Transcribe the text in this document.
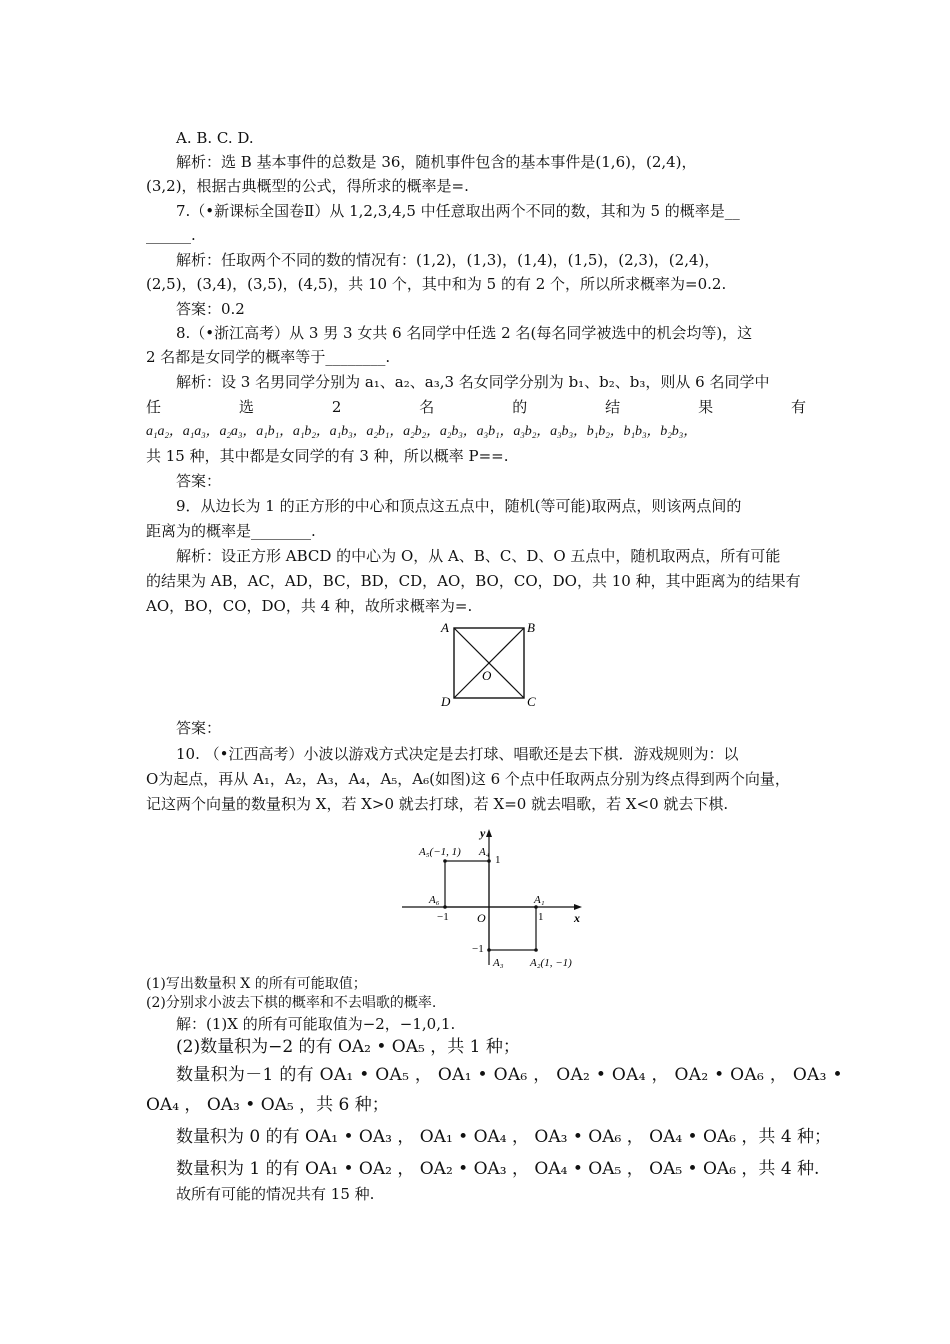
A. B. C. D.
解析：选 B 基本事件的总数是 36，随机事件包含的基本事件是(1,6)，(2,4)，
(3,2)，根据古典概型的公式，得所求的概率是=.
7.（•新课标全国卷Ⅱ）从 1,2,3,4,5 中任意取出两个不同的数，其和为 5 的概率是__
______.
解析：任取两个不同的数的情况有：(1,2)，(1,3)，(1,4)，(1,5)，(2,3)，(2,4)，
(2,5)，(3,4)，(3,5)，(4,5)，共 10 个，其中和为 5 的有 2 个，所以所求概率为=0.2.
答案：0.2
8.（•浙江高考）从 3 男 3 女共 6 名同学中任选 2 名(每名同学被选中的机会均等)，这
2 名都是女同学的概率等于________.
解析：设 3 名男同学分别为 a₁、a₂、a₃,3 名女同学分别为 b₁、b₂、b₃，则从 6 名同学中
任	选	2	名	的	结	果	有
a₁a₂，a₁a₃，a₂a₃，a₁b₁，a₁b₂，a₁b₃，a₂b₁，a₂b₂，a₂b₃，a₃b₁，a₃b₂，a₃b₃，b₁b₂，b₁b₃，b₂b₃，
共 15 种，其中都是女同学的有 3 种，所以概率 P==.
答案：
9．从边长为 1 的正方形的中心和顶点这五点中，随机(等可能)取两点，则该两点间的
距离为的概率是________.
解析：设正方形 ABCD 的中心为 O，从 A、B、C、D、O 五点中，随机取两点，所有可能
的结果为 AB，AC，AD，BC，BD，CD，AO，BO，CO，DO，共 10 种，其中距离为的结果有
AO，BO，CO，DO，共 4 种，故所求概率为=.
A	B
C
D
O
答案：
10. （•江西高考）小波以游戏方式决定是去打球、唱歌还是去下棋．游戏规则为：以
O为起点，再从 A₁，A₂，A₃，A₄，A₅，A₆(如图)这 6 个点中任取两点分别为终点得到两个向量，
记这两个向量的数量积为 X，若 X>0 就去打球，若 X=0 就去唱歌，若 X<0 就去下棋.
y
x
O
A₅(−1, 1) A₄
1
A₆	A₁
−1	1
−1
A₃ A₂(1, −1)
(1)写出数量积 X 的所有可能取值；
(2)分别求小波去下棋的概率和不去唱歌的概率.
解：(1)X 的所有可能取值为−2，−1,0,1.
(2)数量积为−2 的有 OA₂ • OA₅ ，共 1 种；
数量积为－1 的有 OA₁ • OA₅ ， OA₁ • OA₆ ， OA₂ • OA₄ ， OA₂ • OA₆ ， OA₃ •
OA₄ ， OA₃ • OA₅ ，共 6 种；
数量积为 0 的有 OA₁ • OA₃ ， OA₁ • OA₄ ， OA₃ • OA₆ ， OA₄ • OA₆ ，共 4 种；
数量积为 1 的有 OA₁ • OA₂ ， OA₂ • OA₃ ， OA₄ • OA₅ ， OA₅ • OA₆ ，共 4 种.
故所有可能的情况共有 15 种.
